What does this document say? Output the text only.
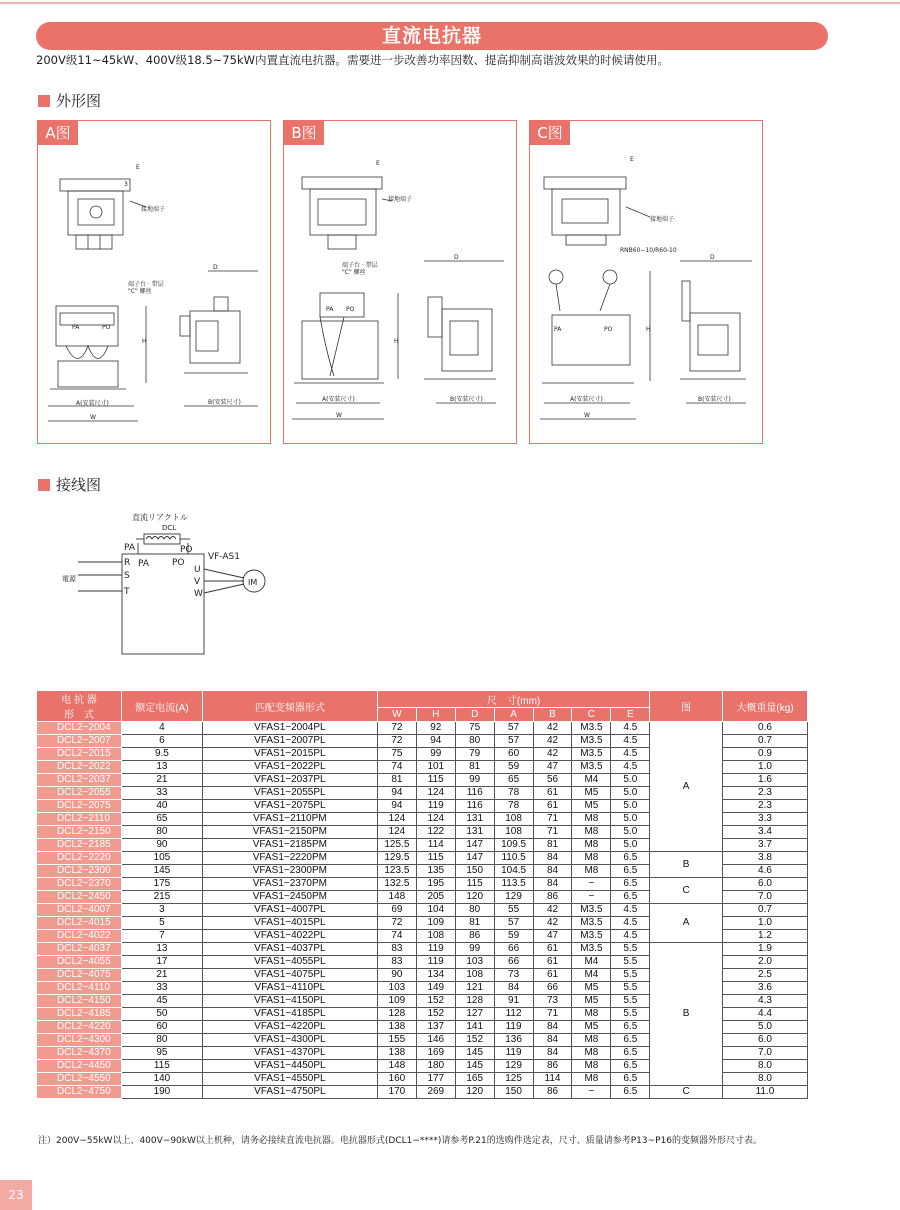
直流电抗器
200V级11~45kW、400V级18.5~75kW内置直流电抗器。需要进一步改善功率因数、提高抑制高谐波效果的时候请使用。
外形图
A图
接地端子
E
3
PA	PO
A(安装尺寸)
W
端子台 · 带层
"C" 螺丝
H
D
B(安装尺寸)
B图
接地端子
E
端子台 · 带层
"C" 螺丝
PA PO
A(安装尺寸)
W
H
D
B(安装尺寸)
C图
接地端子
E
RNB60−10/R60-10
PA	PO
A(安装尺寸)
W
H
D
B(安装尺寸)
接线图
直流リアクトル
DCL
PA	PO
PA	PO
VF-AS1
R
S
T
電源
U
V
W
IM
电 抗 器
形　式	额定电流(A)	匹配变频器形式	尺　寸(mm)							图	大概重量(kg)
			W	H	D	A	B	C	E		
DCL2−2004	4	VFAS1−2004PL	72	92	75	57	42	M3.5	4.5	A	0.6
DCL2−2007	6	VFAS1−2007PL	72	94	80	57	42	M3.5	4.5		0.7
DCL2−2015	9.5	VFAS1−2015PL	75	99	79	60	42	M3.5	4.5		0.9
DCL2−2022	13	VFAS1−2022PL	74	101	81	59	47	M3.5	4.5		1.0
DCL2−2037	21	VFAS1−2037PL	81	115	99	65	56	M4	5.0		1.6
DCL2−2055	33	VFAS1−2055PL	94	124	116	78	61	M5	5.0		2.3
DCL2−2075	40	VFAS1−2075PL	94	119	116	78	61	M5	5.0		2.3
DCL2−2110	65	VFAS1−2110PM	124	124	131	108	71	M8	5.0		3.3
DCL2−2150	80	VFAS1−2150PM	124	122	131	108	71	M8	5.0		3.4
DCL2−2185	90	VFAS1−2185PM	125.5	114	147	109.5	81	M8	5.0		3.7
DCL2−2220	105	VFAS1−2220PM	129.5	115	147	110.5	84	M8	6.5	B	3.8
DCL2−2300	145	VFAS1−2300PM	123.5	135	150	104.5	84	M8	6.5		4.6
DCL2−2370	175	VFAS1−2370PM	132.5	195	115	113.5	84	−	6.5	C	6.0
DCL2−2450	215	VFAS1−2450PM	148	205	120	129	86	−	6.5		7.0
DCL2−4007	3	VFAS1−4007PL	69	104	80	55	42	M3.5	4.5	A	0.7
DCL2−4015	5	VFAS1−4015PL	72	109	81	57	42	M3.5	4.5		1.0
DCL2−4022	7	VFAS1−4022PL	74	108	86	59	47	M3.5	4.5		1.2
DCL2−4037	13	VFAS1−4037PL	83	119	99	66	61	M3.5	5.5	B	1.9
DCL2−4055	17	VFAS1−4055PL	83	119	103	66	61	M4	5.5		2.0
DCL2−4075	21	VFAS1−4075PL	90	134	108	73	61	M4	5.5		2.5
DCL2−4110	33	VFAS1−4110PL	103	149	121	84	66	M5	5.5		3.6
DCL2−4150	45	VFAS1−4150PL	109	152	128	91	73	M5	5.5		4.3
DCL2−4185	50	VFAS1−4185PL	128	152	127	112	71	M8	5.5		4.4
DCL2−4220	60	VFAS1−4220PL	138	137	141	119	84	M5	6.5		5.0
DCL2−4300	80	VFAS1−4300PL	155	146	152	136	84	M8	6.5		6.0
DCL2−4370	95	VFAS1−4370PL	138	169	145	119	84	M8	6.5		7.0
DCL2−4450	115	VFAS1−4450PL	148	180	145	129	86	M8	6.5		8.0
DCL2−4550	140	VFAS1−4550PL	160	177	165	125	114	M8	6.5		8.0
DCL2−4750	190	VFAS1−4750PL	170	269	120	150	86	−	6.5	C	11.0
注）200V−55kW以上、400V−90kW以上机种，请务必接续直流电抗器。电抗器形式(DCL1−****)请参考P.21的选购件选定表，尺寸、质量请参考P13~P16的变频器外形尺寸表。
23
